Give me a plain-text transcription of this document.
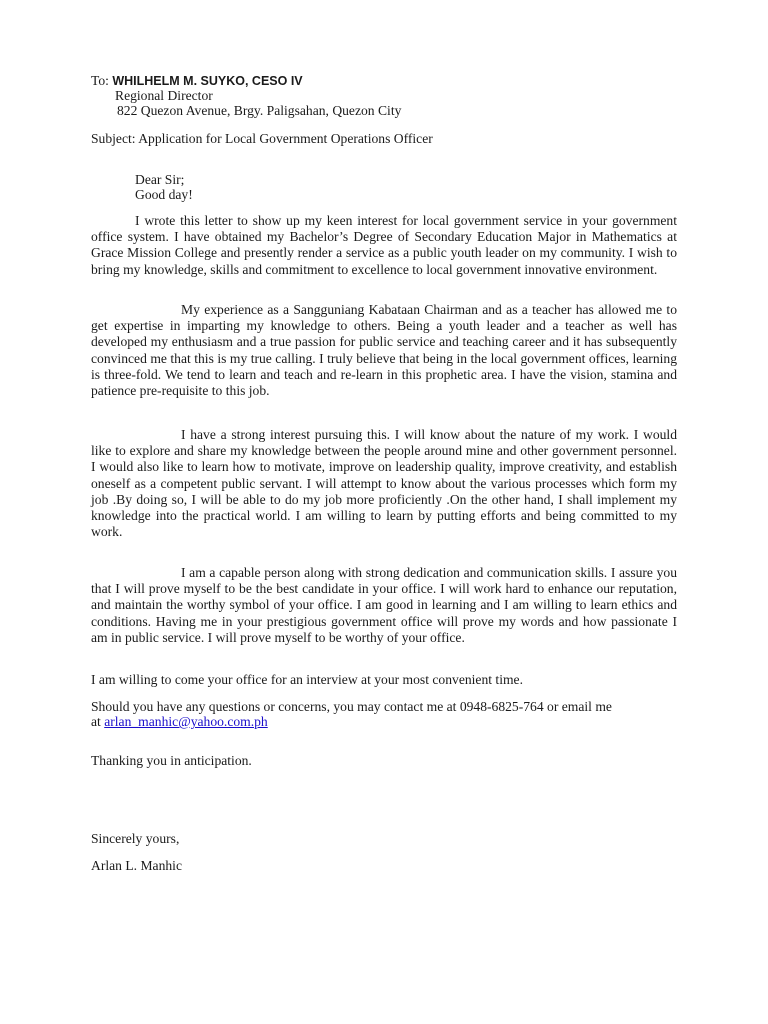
To: WHILHELM M. SUYKO, CESO IV
Regional Director
822 Quezon Avenue, Brgy. Paligsahan, Quezon City
Subject: Application for Local Government Operations Officer
Dear Sir;
Good day!
I wrote this letter to show up my keen interest for local government service in your government office system. I have obtained my Bachelor’s Degree of Secondary Education Major in Mathematics at Grace Mission College and presently render a service as a public youth leader on my community. I wish to bring my knowledge, skills and commitment to excellence to local government innovative environment.
My experience as a Sangguniang Kabataan Chairman and as a teacher has allowed me to get expertise in imparting my knowledge to others. Being a youth leader and a teacher as well has developed my enthusiasm and a true passion for public service and teaching career and it has subsequently convinced me that this is my true calling. I truly believe that being in the local government offices, learning is three-fold. We tend to learn and teach and re-learn in this prophetic area. I have the vision, stamina and patience pre-requisite to this job.
I have a strong interest pursuing this. I will know about the nature of my work. I would like to explore and share my knowledge between the people around mine and other government personnel. I would also like to learn how to motivate, improve on leadership quality, improve creativity, and establish oneself as a competent public servant. I will attempt to know about the various processes which form my job .By doing so, I will be able to do my job more proficiently .On the other hand, I shall implement my knowledge into the practical world. I am willing to learn by putting efforts and being committed to my work.
I am a capable person along with strong dedication and communication skills. I assure you that I will prove myself to be the best candidate in your office. I will work hard to enhance our reputation, and maintain the worthy symbol of your office. I am good in learning and I am willing to learn ethics and conditions. Having me in your prestigious government office will prove my words and how passionate I am in public service. I will prove myself to be worthy of your office.
I am willing to come your office for an interview at your most convenient time.
Should you have any questions or concerns, you may contact me at 0948-6825-764 or email me
at arlan_manhic@yahoo.com.ph
Thanking you in anticipation.
Sincerely yours,
Arlan L. Manhic
